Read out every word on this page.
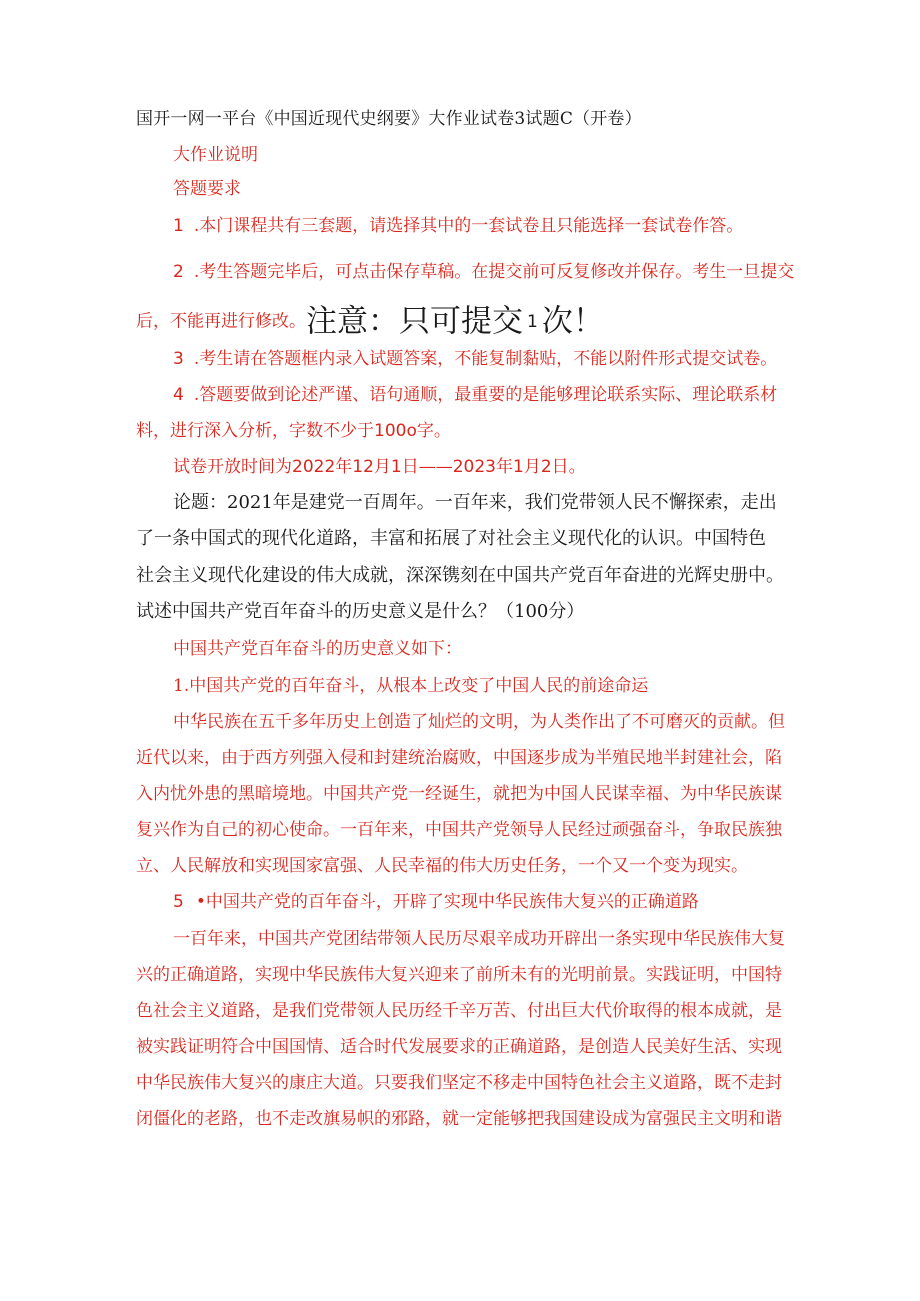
国开一网一平台《中国近现代史纲要》大作业试卷3试题C（开卷）
大作业说明
答题要求
1 .本门课程共有三套题，请选择其中的一套试卷且只能选择一套试卷作答。
2 .考生答题完毕后，可点击保存草稿。在提交前可反复修改并保存。考生一旦提交
后，不能再进行修改。注意：只可提交 1 次！
3 .考生请在答题框内录入试题答案，不能复制黏贴，不能以附件形式提交试卷。
4 .答题要做到论述严谨、语句通顺，最重要的是能够理论联系实际、理论联系材
料，进行深入分析，字数不少于100o字。
试卷开放时间为2022年12月1日——2023年1月2日。
论题：2021年是建党一百周年。一百年来，我们党带领人民不懈探索，走出
了一条中国式的现代化道路，丰富和拓展了对社会主义现代化的认识。中国特色
社会主义现代化建设的伟大成就，深深镌刻在中国共产党百年奋进的光辉史册中。
试述中国共产党百年奋斗的历史意义是什么？（100分）
中国共产党百年奋斗的历史意义如下：
1.中国共产党的百年奋斗，从根本上改变了中国人民的前途命运
中华民族在五千多年历史上创造了灿烂的文明，为人类作出了不可磨灭的贡献。但
近代以来，由于西方列强入侵和封建统治腐败，中国逐步成为半殖民地半封建社会，陷
入内忧外患的黑暗境地。中国共产党一经诞生，就把为中国人民谋幸福、为中华民族谋
复兴作为自己的初心使命。一百年来，中国共产党领导人民经过顽强奋斗，争取民族独
立、人民解放和实现国家富强、人民幸福的伟大历史任务，一个又一个变为现实。
5 •中国共产党的百年奋斗，开辟了实现中华民族伟大复兴的正确道路
一百年来，中国共产党团结带领人民历尽艰辛成功开辟出一条实现中华民族伟大复
兴的正确道路，实现中华民族伟大复兴迎来了前所未有的光明前景。实践证明，中国特
色社会主义道路，是我们党带领人民历经千辛万苦、付出巨大代价取得的根本成就，是
被实践证明符合中国国情、适合时代发展要求的正确道路，是创造人民美好生活、实现
中华民族伟大复兴的康庄大道。只要我们坚定不移走中国特色社会主义道路，既不走封
闭僵化的老路，也不走改旗易帜的邪路，就一定能够把我国建设成为富强民主文明和谐
